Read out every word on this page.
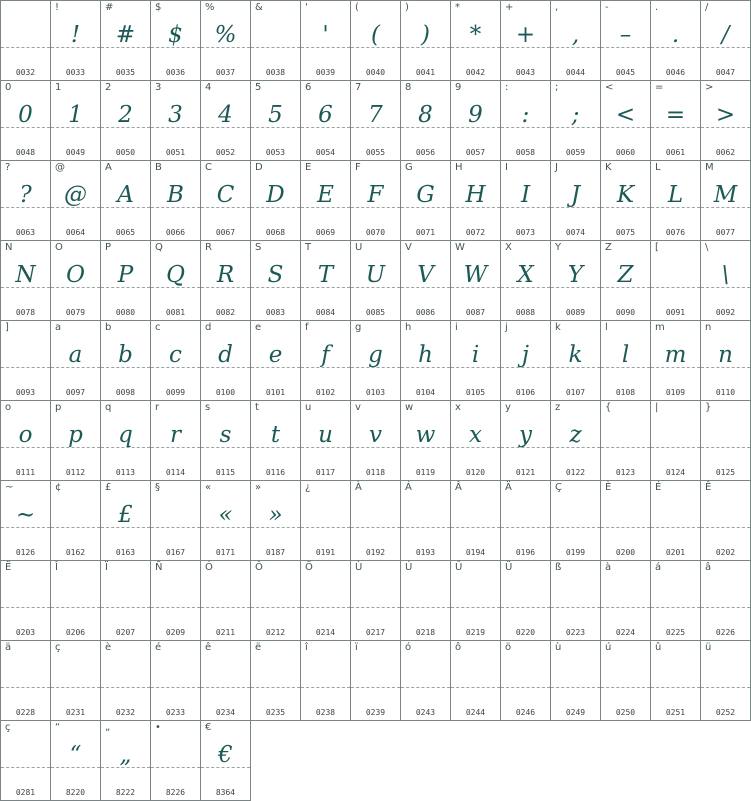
0032
!
!
0033
#
#
0035
$
$
0036
%
%
0037
&
0038
'
'
0039
(
(
0040
)
)
0041
*
*
0042
+
+
0043
,
,
0044
-
–
0045
.
.
0046
/
/
0047
0
0
0048
1
1
0049
2
2
0050
3
3
0051
4
4
0052
5
5
0053
6
6
0054
7
7
0055
8
8
0056
9
9
0057
:
:
0058
;
;
0059
<
<
0060
=
=
0061
>
>
0062
?
?
0063
@
@
0064
A
A
0065
B
B
0066
C
C
0067
D
D
0068
E
E
0069
F
F
0070
G
G
0071
H
H
0072
I
I
0073
J
J
0074
K
K
0075
L
L
0076
M
M
0077
N
N
0078
O
O
0079
P
P
0080
Q
Q
0081
R
R
0082
S
S
0083
T
T
0084
U
U
0085
V
V
0086
W
W
0087
X
X
0088
Y
Y
0089
Z
Z
0090
[
0091
\
\
0092
]
0093
a
a
0097
b
b
0098
c
c
0099
d
d
0100
e
e
0101
f
f
0102
g
g
0103
h
h
0104
i
i
0105
j
j
0106
k
k
0107
l
l
0108
m
m
0109
n
n
0110
o
o
0111
p
p
0112
q
q
0113
r
r
0114
s
s
0115
t
t
0116
u
u
0117
v
v
0118
w
w
0119
x
x
0120
y
y
0121
z
z
0122
{
0123
|
0124
}
0125
~
~
0126
¢
0162
£
£
0163
§
0167
«
«
0171
»
»
0187
¿
0191
À
0192
Á
0193
Â
0194
Ä
0196
Ç
0199
È
0200
É
0201
Ê
0202
Ë
0203
Î
0206
Ï
0207
Ñ
0209
Ó
0211
Ô
0212
Ö
0214
Ù
0217
Ú
0218
Û
0219
Ü
0220
ß
0223
à
0224
á
0225
â
0226
ä
0228
ç
0231
è
0232
é
0233
ê
0234
ë
0235
î
0238
ï
0239
ó
0243
ô
0244
ö
0246
ù
0249
ú
0250
û
0251
ü
0252
ç
0281
“
“
8220
„
„
8222
•
8226
€
€
8364
